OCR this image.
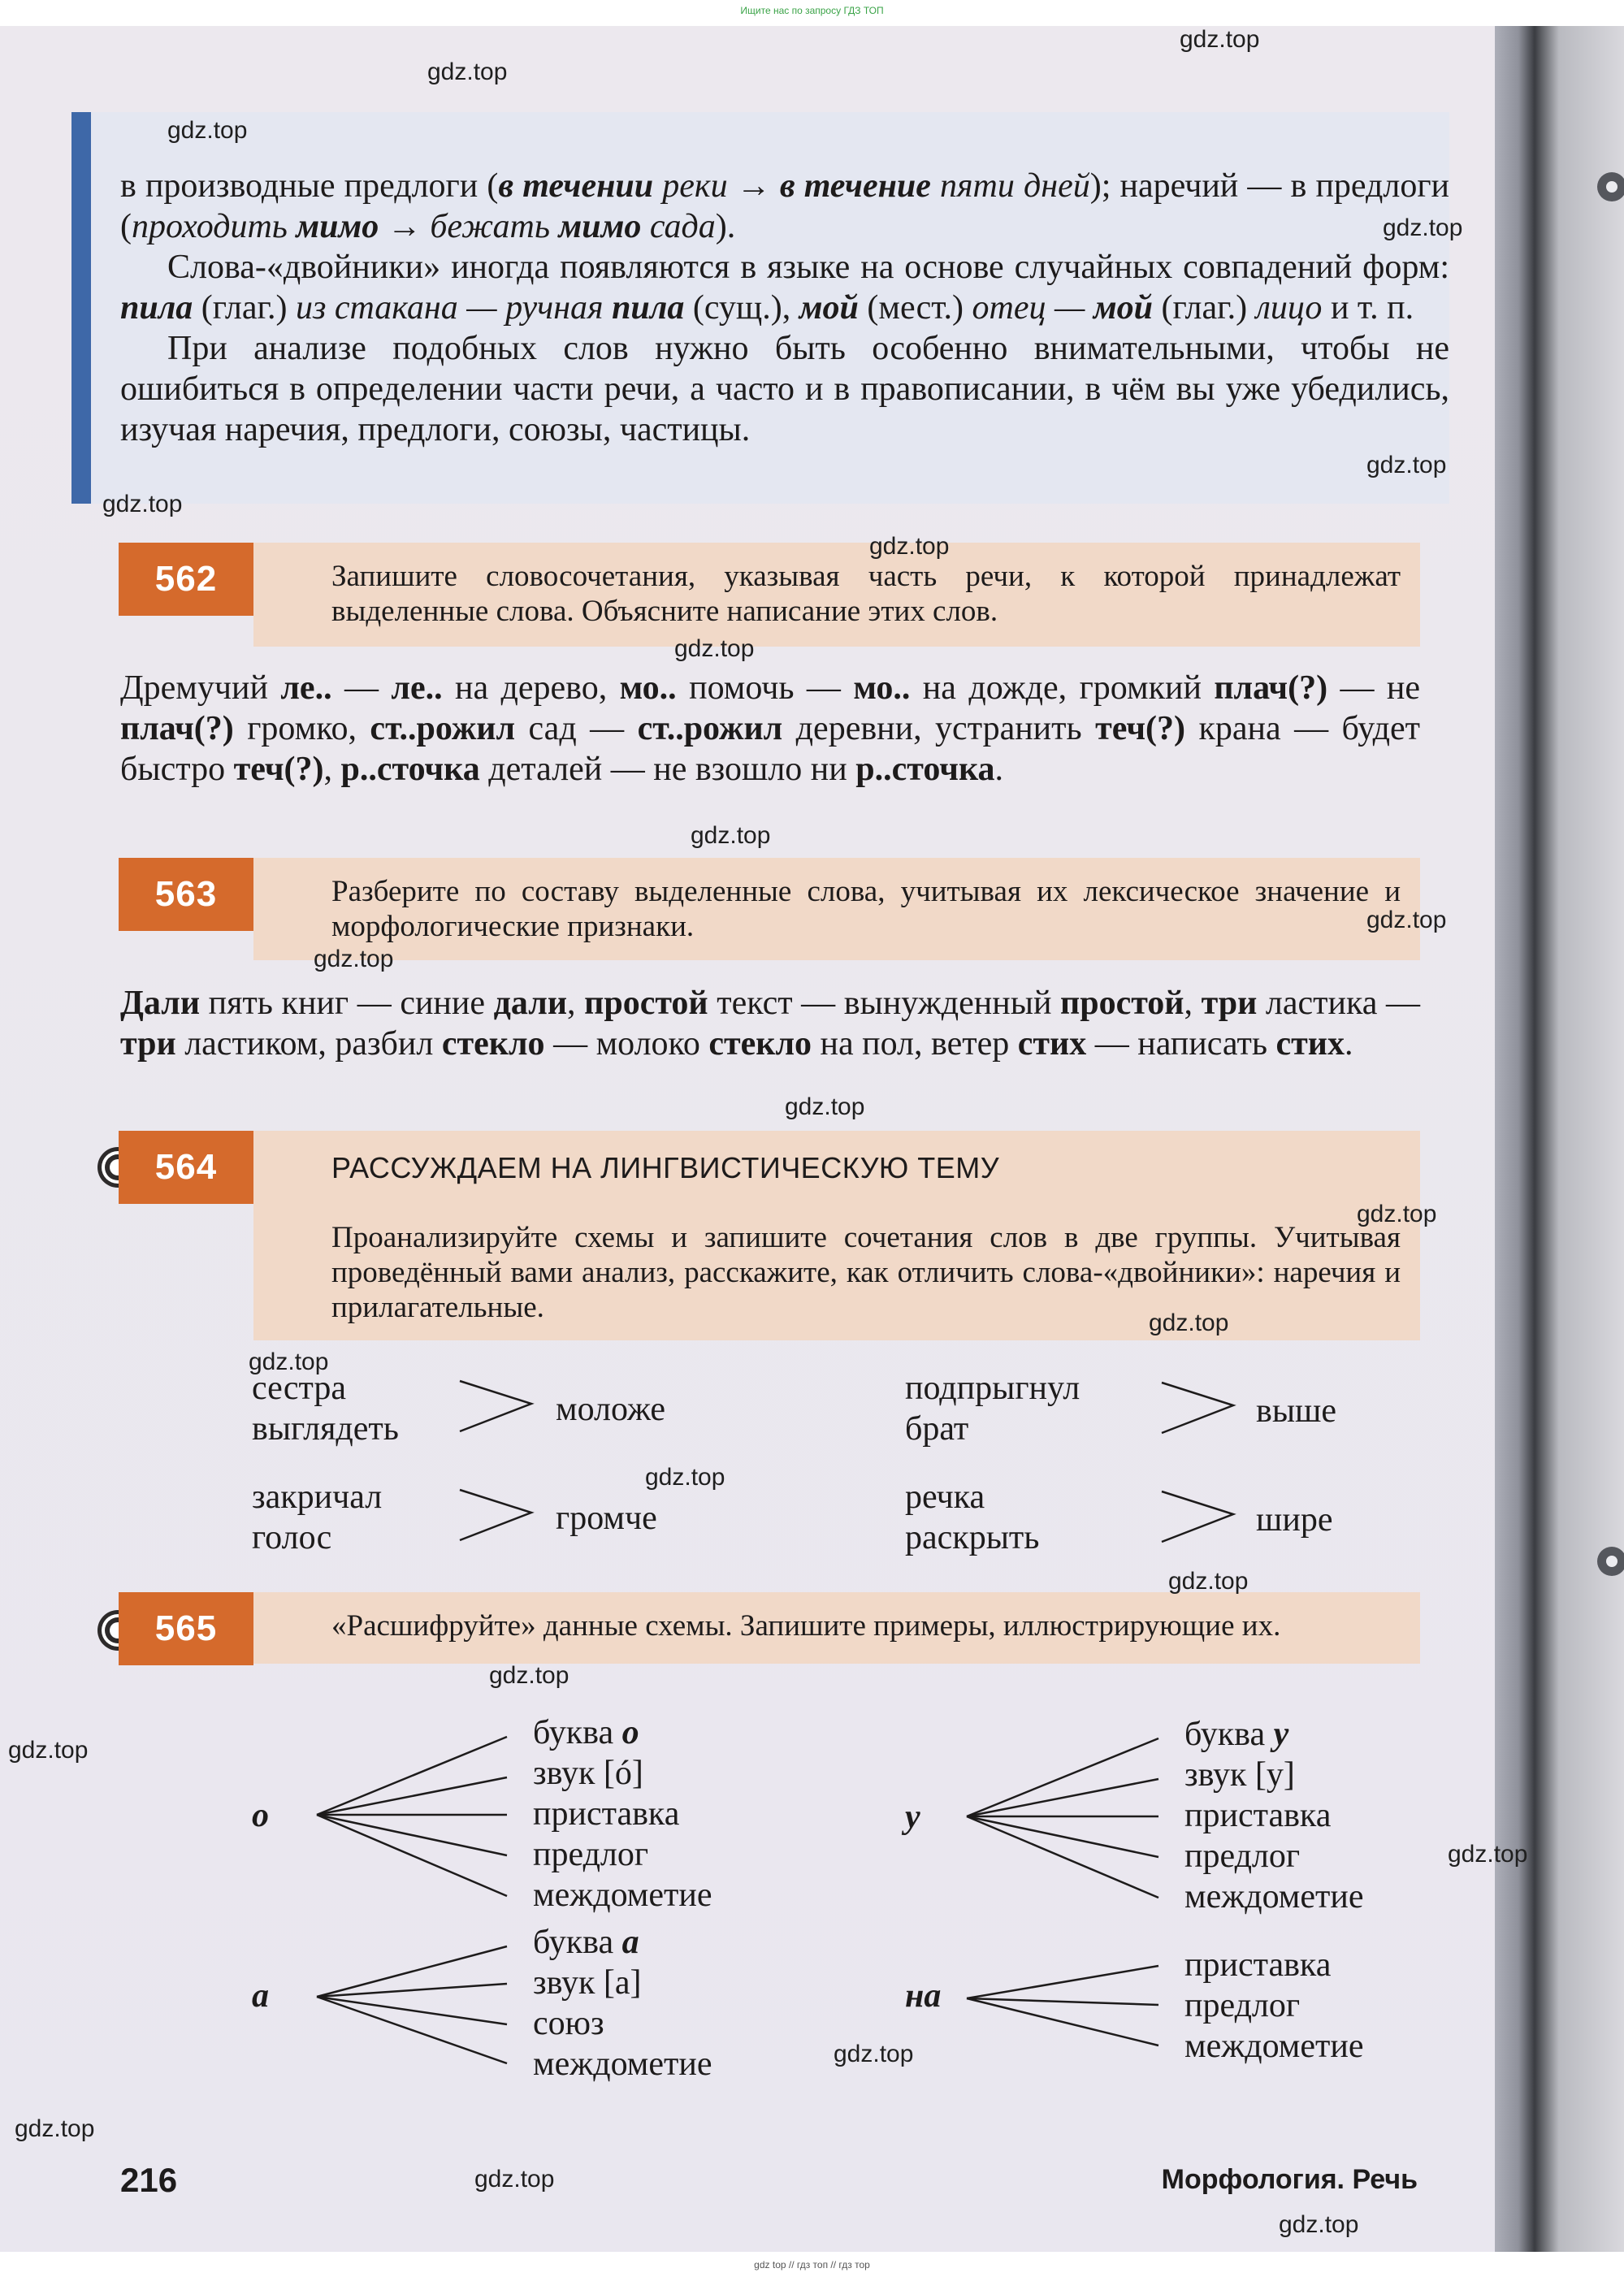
Ищите нас по запросу ГДЗ ТОП

в производные предлоги (в течении реки → в течение пяти дней); наречий — в предлоги (проходить мимо → бежать мимо сада).

Слова-«двойники» иногда появляются в языке на основе случайных совпадений форм: пила (глаг.) из стакана — ручная пила (сущ.), мой (мест.) отец — мой (глаг.) лицо и т. п.

При анализе подобных слов нужно быть особенно внимательными, чтобы не ошибиться в определении части речи, а часто и в правописании, в чём вы уже убедились, изучая наречия, предлоги, союзы, частицы.

562	Запишите словосочетания, указывая часть речи, к которой принадлежат выделенные слова. Объясните написание этих слов.

Дремучий ле.. — ле.. на дерево, мо.. помочь — мо.. на дожде, громкий плач(?) — не плач(?) громко, ст..рожил сад — ст..рожил деревни, устранить теч(?) крана — будет быстро теч(?), р..сточка деталей — не взошло ни р..сточка.

563	Разберите по составу выделенные слова, учитывая их лексическое значение и морфологические признаки.

Дали пять книг — синие дали, простой текст — вынужденный простой, три ластика — три ластиком, разбил стекло — молоко стекло на пол, ветер стих — написать стих.

564	РАССУЖДАЕМ НА ЛИНГВИСТИЧЕСКУЮ ТЕМУ
Проанализируйте схемы и запишите сочетания слов в две группы. Учитывая проведённый вами анализ, расскажите, как отличить слова-«двойники»: наречия и прилагательные.
сестра
выглядеть
моложе
подпрыгнул
брат	выше
закричал
голос
громче
речка
раскрыть	шире
565	«Расшифруйте» данные схемы. Запишите примеры, иллюстрирующие их.
о
буква о
звук [ó]
приставка
предлог
междометие
у
буква у
звук [у]
приставка
предлог
междометие
а
буква а
звук [а]
союз
междометие
на
приставка
предлог
междометие
216	Морфология. Речь
gdz.top
gdz.top
gdz.top
gdz.top
gdz.top
gdz.top
gdz.top
gdz.top
gdz.top
gdz.top
gdz.top
gdz.top
gdz.top
gdz.top
gdz.top
gdz.top
gdz.top
gdz.top
gdz.top
gdz.top
gdz.top
gdz.top
gdz.top
gdz.top
gdz top // гдз топ // гдз тор
